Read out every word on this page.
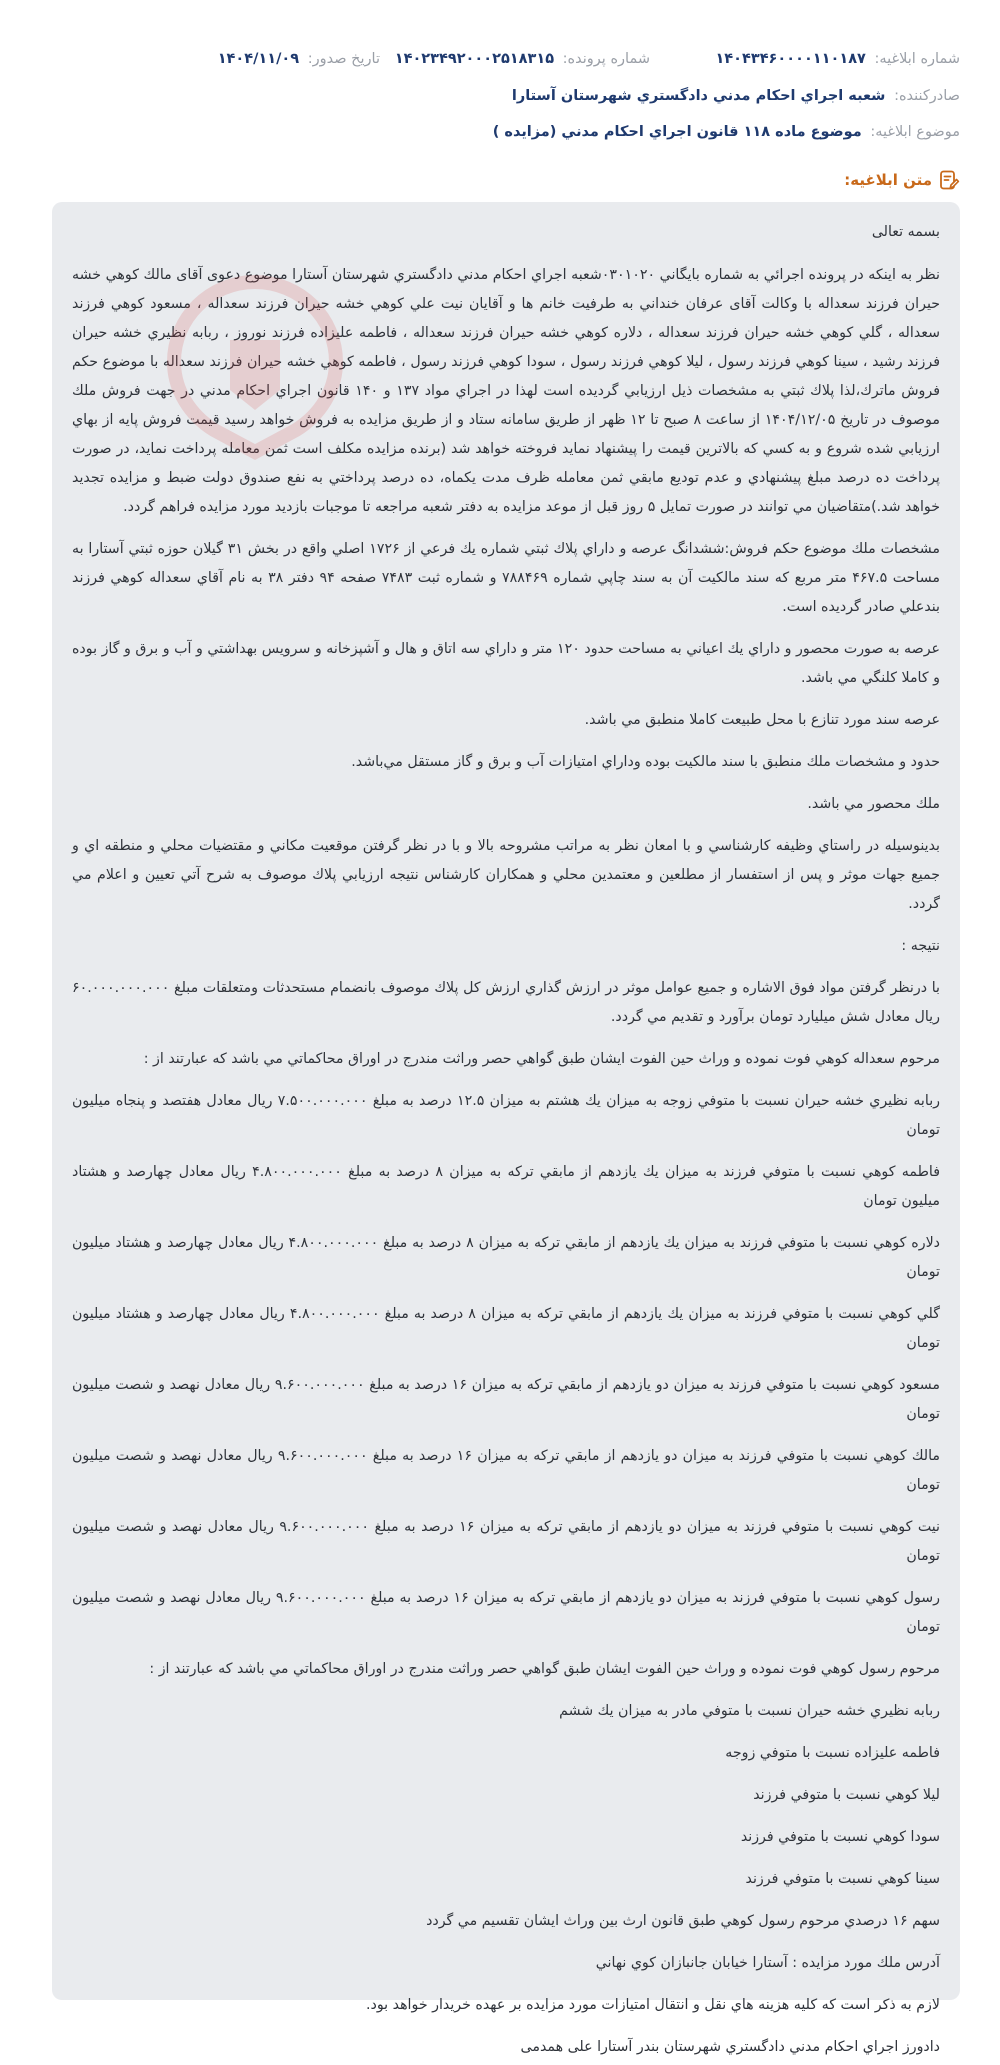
شماره ابلاغيه: ۱۴۰۴۳۴۶۰۰۰۰۱۱۰۱۸۷
شماره پرونده: ۱۴۰۲۳۴۹۲۰۰۰۲۵۱۸۳۱۵
تاريخ صدور: ۱۴۰۴/۱۱/۰۹
صادرکننده: شعبه اجراي احكام مدني دادگستري شهرستان آستارا
موضوع ابلاغيه: موضوع ماده ۱۱۸ قانون اجراي احكام مدني (مزايده )
متن ابلاغيه:

بسمه تعالی

نظر به اينكه در پرونده اجرائي به شماره بايگاني ۰۳۰۱۰۲۰شعبه اجراي احكام مدني دادگستري شهرستان آستارا موضوع دعوی آقای مالك كوهي خشه حيران فرزند سعداله با وكالت آقای عرفان خنداني به طرفيت خانم ها و آقایان نيت علي كوهي خشه حيران فرزند سعداله ، مسعود كوهي فرزند سعداله ، گلي كوهي خشه حيران فرزند سعداله ، دلاره كوهي خشه حيران فرزند سعداله ، فاطمه عليزاده فرزند نوروز ، ربابه نظيري خشه حيران فرزند رشيد ، سينا كوهي فرزند رسول ، ليلا كوهي فرزند رسول ، سودا كوهي فرزند رسول ، فاطمه كوهي خشه حيران فرزند سعداله با موضوع حكم فروش ماترك،لذا پلاك ثبتي به مشخصات ذيل ارزيابي گرديده است لهذا در اجراي مواد ۱۳۷ و ۱۴۰ قانون اجراي احكام مدني در جهت فروش ملك موصوف در تاريخ ۱۴۰۴/۱۲/۰۵ از ساعت ۸ صبح تا ۱۲ ظهر از طريق سامانه ستاد و از طريق مزايده به فروش خواهد رسيد قيمت فروش پايه از بهاي ارزيابي شده شروع و به كسي كه بالاترين قيمت را پيشنهاد نمايد فروخته خواهد شد (برنده مزايده مكلف است ثمن معامله پرداخت نمايد، در صورت پرداخت ده درصد مبلغ پيشنهادي و عدم توديع مابقي ثمن معامله ظرف مدت يكماه، ده درصد پرداختي به نفع صندوق دولت ضبط و مزايده تجديد خواهد شد.)متقاضيان مي توانند در صورت تمايل ۵ روز قبل از موعد مزايده به دفتر شعبه مراجعه تا موجبات بازديد مورد مزايده فراهم گردد.

مشخصات ملك موضوع حكم فروش:ششدانگ عرصه و داراي پلاك ثبتي شماره يك فرعي از ۱۷۲۶ اصلي واقع در بخش ۳۱ گيلان حوزه ثبتي آستارا به مساحت ۴۶۷.۵ متر مربع كه سند مالكيت آن به سند چاپي شماره ۷۸۸۴۶۹ و شماره ثبت ۷۴۸۳ صفحه ۹۴ دفتر ۳۸ به نام آقاي سعداله كوهي فرزند بندعلي صادر گرديده است.

عرصه به صورت محصور و داراي يك اعياني به مساحت حدود ۱۲۰ متر و داراي سه اتاق و هال و آشپزخانه و سرويس بهداشتي و آب و برق و گاز بوده و كاملا كلنگي مي باشد.

عرصه سند مورد تنازع با محل طبيعت كاملا منطبق مي باشد.

حدود و مشخصات ملك منطبق با سند مالكيت بوده وداراي امتيازات آب و برق و گاز مستقل مي‌باشد.

ملك محصور مي باشد.

بدينوسيله در راستاي وظيفه كارشناسي و با امعان نظر به مراتب مشروحه بالا و با در نظر گرفتن موقعيت مكاني و مقتضيات محلي و منطقه اي و جميع جهات موثر و پس از استفسار از مطلعين و معتمدين محلي و همكاران كارشناس نتيجه ارزيابي پلاك موصوف به شرح آتي تعيين و اعلام مي گردد.

نتيجه :

با درنظر گرفتن مواد فوق الاشاره و جميع عوامل موثر در ارزش گذاري ارزش كل پلاك موصوف بانضمام مستحدثات ومتعلقات مبلغ ۶۰.۰۰۰.۰۰۰.۰۰۰ ريال معادل شش ميليارد تومان برآورد و تقديم مي گردد.

مرحوم سعداله كوهي فوت نموده و وراث حين الفوت ايشان طبق گواهي حصر وراثت مندرج در اوراق محاكماتي مي باشد كه عبارتند از :

ربابه نظيري خشه حيران نسبت با متوفي زوجه به ميزان يك هشتم به ميزان ۱۲.۵ درصد به مبلغ ۷.۵۰۰.۰۰۰.۰۰۰ ريال معادل هفتصد و پنجاه ميليون تومان

فاطمه كوهي نسبت با متوفي فرزند به ميزان يك يازدهم از مابقي تركه به ميزان ۸ درصد به مبلغ ۴.۸۰۰.۰۰۰.۰۰۰ ريال معادل چهارصد و هشتاد ميليون تومان

دلاره كوهي نسبت با متوفي فرزند به ميزان يك يازدهم از مابقي تركه به ميزان ۸ درصد به مبلغ ۴.۸۰۰.۰۰۰.۰۰۰ ريال معادل چهارصد و هشتاد ميليون تومان

گلي كوهي نسبت با متوفي فرزند به ميزان يك يازدهم از مابقي تركه به ميزان ۸ درصد به مبلغ ۴.۸۰۰.۰۰۰.۰۰۰ ريال معادل چهارصد و هشتاد ميليون تومان

مسعود كوهي نسبت با متوفي فرزند به ميزان دو يازدهم از مابقي تركه به ميزان ۱۶ درصد به مبلغ ۹.۶۰۰.۰۰۰.۰۰۰ ريال معادل نهصد و شصت ميليون تومان

مالك كوهي نسبت با متوفي فرزند به ميزان دو يازدهم از مابقي تركه به ميزان ۱۶ درصد به مبلغ ۹.۶۰۰.۰۰۰.۰۰۰ ريال معادل نهصد و شصت ميليون تومان

نيت كوهي نسبت با متوفي فرزند به ميزان دو يازدهم از مابقي تركه به ميزان ۱۶ درصد به مبلغ ۹.۶۰۰.۰۰۰.۰۰۰ ريال معادل نهصد و شصت ميليون تومان

رسول كوهي نسبت با متوفي فرزند به ميزان دو يازدهم از مابقي تركه به ميزان ۱۶ درصد به مبلغ ۹.۶۰۰.۰۰۰.۰۰۰ ريال معادل نهصد و شصت ميليون تومان

مرحوم رسول كوهي فوت نموده و وراث حين الفوت ايشان طبق گواهي حصر وراثت مندرج در اوراق محاكماتي مي باشد كه عبارتند از :

ربابه نظيري خشه حيران نسبت با متوفي مادر به ميزان يك ششم

فاطمه عليزاده نسبت با متوفي زوجه

ليلا كوهي نسبت با متوفي فرزند

سودا كوهي نسبت با متوفي فرزند

سينا كوهي نسبت با متوفي فرزند

سهم ۱۶ درصدي مرحوم رسول كوهي طبق قانون ارث بين وراث ايشان تقسيم مي گردد

آدرس ملك مورد مزايده : آستارا خيابان جانبازان كوي نهاني

لازم به ذكر است كه كليه هزينه هاي نقل و انتقال امتيازات مورد مزايده بر عهده خريدار خواهد بود.

دادورز اجراي احكام مدني دادگستري شهرستان بندر آستارا علی همدمی
